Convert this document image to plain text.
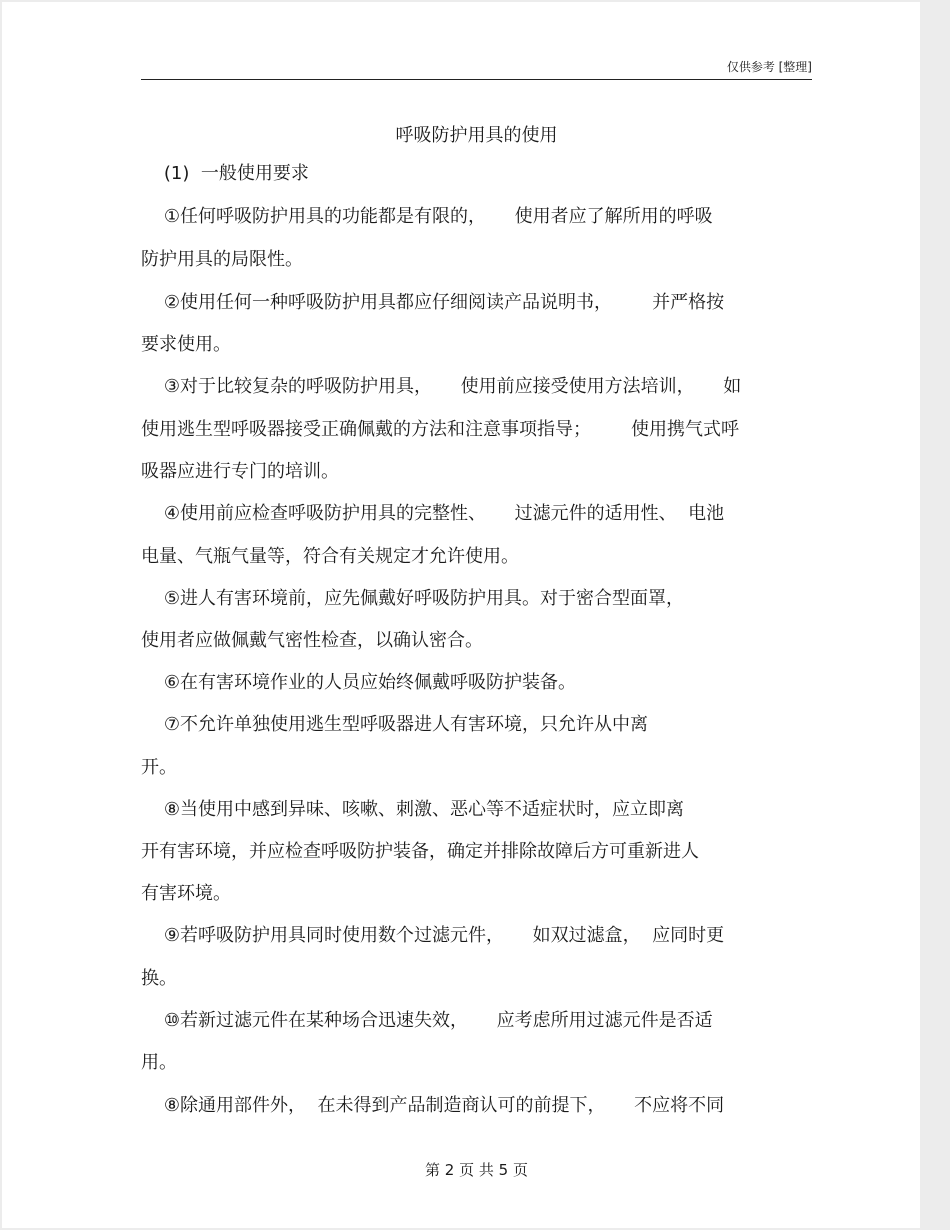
仅供参考 [整理]
呼吸防护用具的使用
(1)  一般使用要求
①任何呼吸防护用具的功能都是有限的，     使用者应了解所用的呼吸
防护用具的局限性。
②使用任何一种呼吸防护用具都应仔细阅读产品说明书，       并严格按
要求使用。
③对于比较复杂的呼吸防护用具，     使用前应接受使用方法培训，     如
使用逃生型呼吸器接受正确佩戴的方法和注意事项指导；       使用携气式呼
吸器应进行专门的培训。
④使用前应检查呼吸防护用具的完整性、     过滤元件的适用性、  电池
电量、气瓶气量等，符合有关规定才允许使用。
⑤进人有害环境前，应先佩戴好呼吸防护用具。对于密合型面罩，
使用者应做佩戴气密性检查，以确认密合。
⑥在有害环境作业的人员应始终佩戴呼吸防护装备。
⑦不允许单独使用逃生型呼吸器进人有害环境，只允许从中离
开。
⑧当使用中感到异味、咳嗽、刺激、恶心等不适症状时，应立即离
开有害环境，并应检查呼吸防护装备，确定并排除故障后方可重新进人
有害环境。
⑨若呼吸防护用具同时使用数个过滤元件，     如双过滤盒，  应同时更
换。
⑩若新过滤元件在某种场合迅速失效，     应考虑所用过滤元件是否适
用。
⑧除通用部件外，  在未得到产品制造商认可的前提下，     不应将不同
第 2 页 共 5 页
